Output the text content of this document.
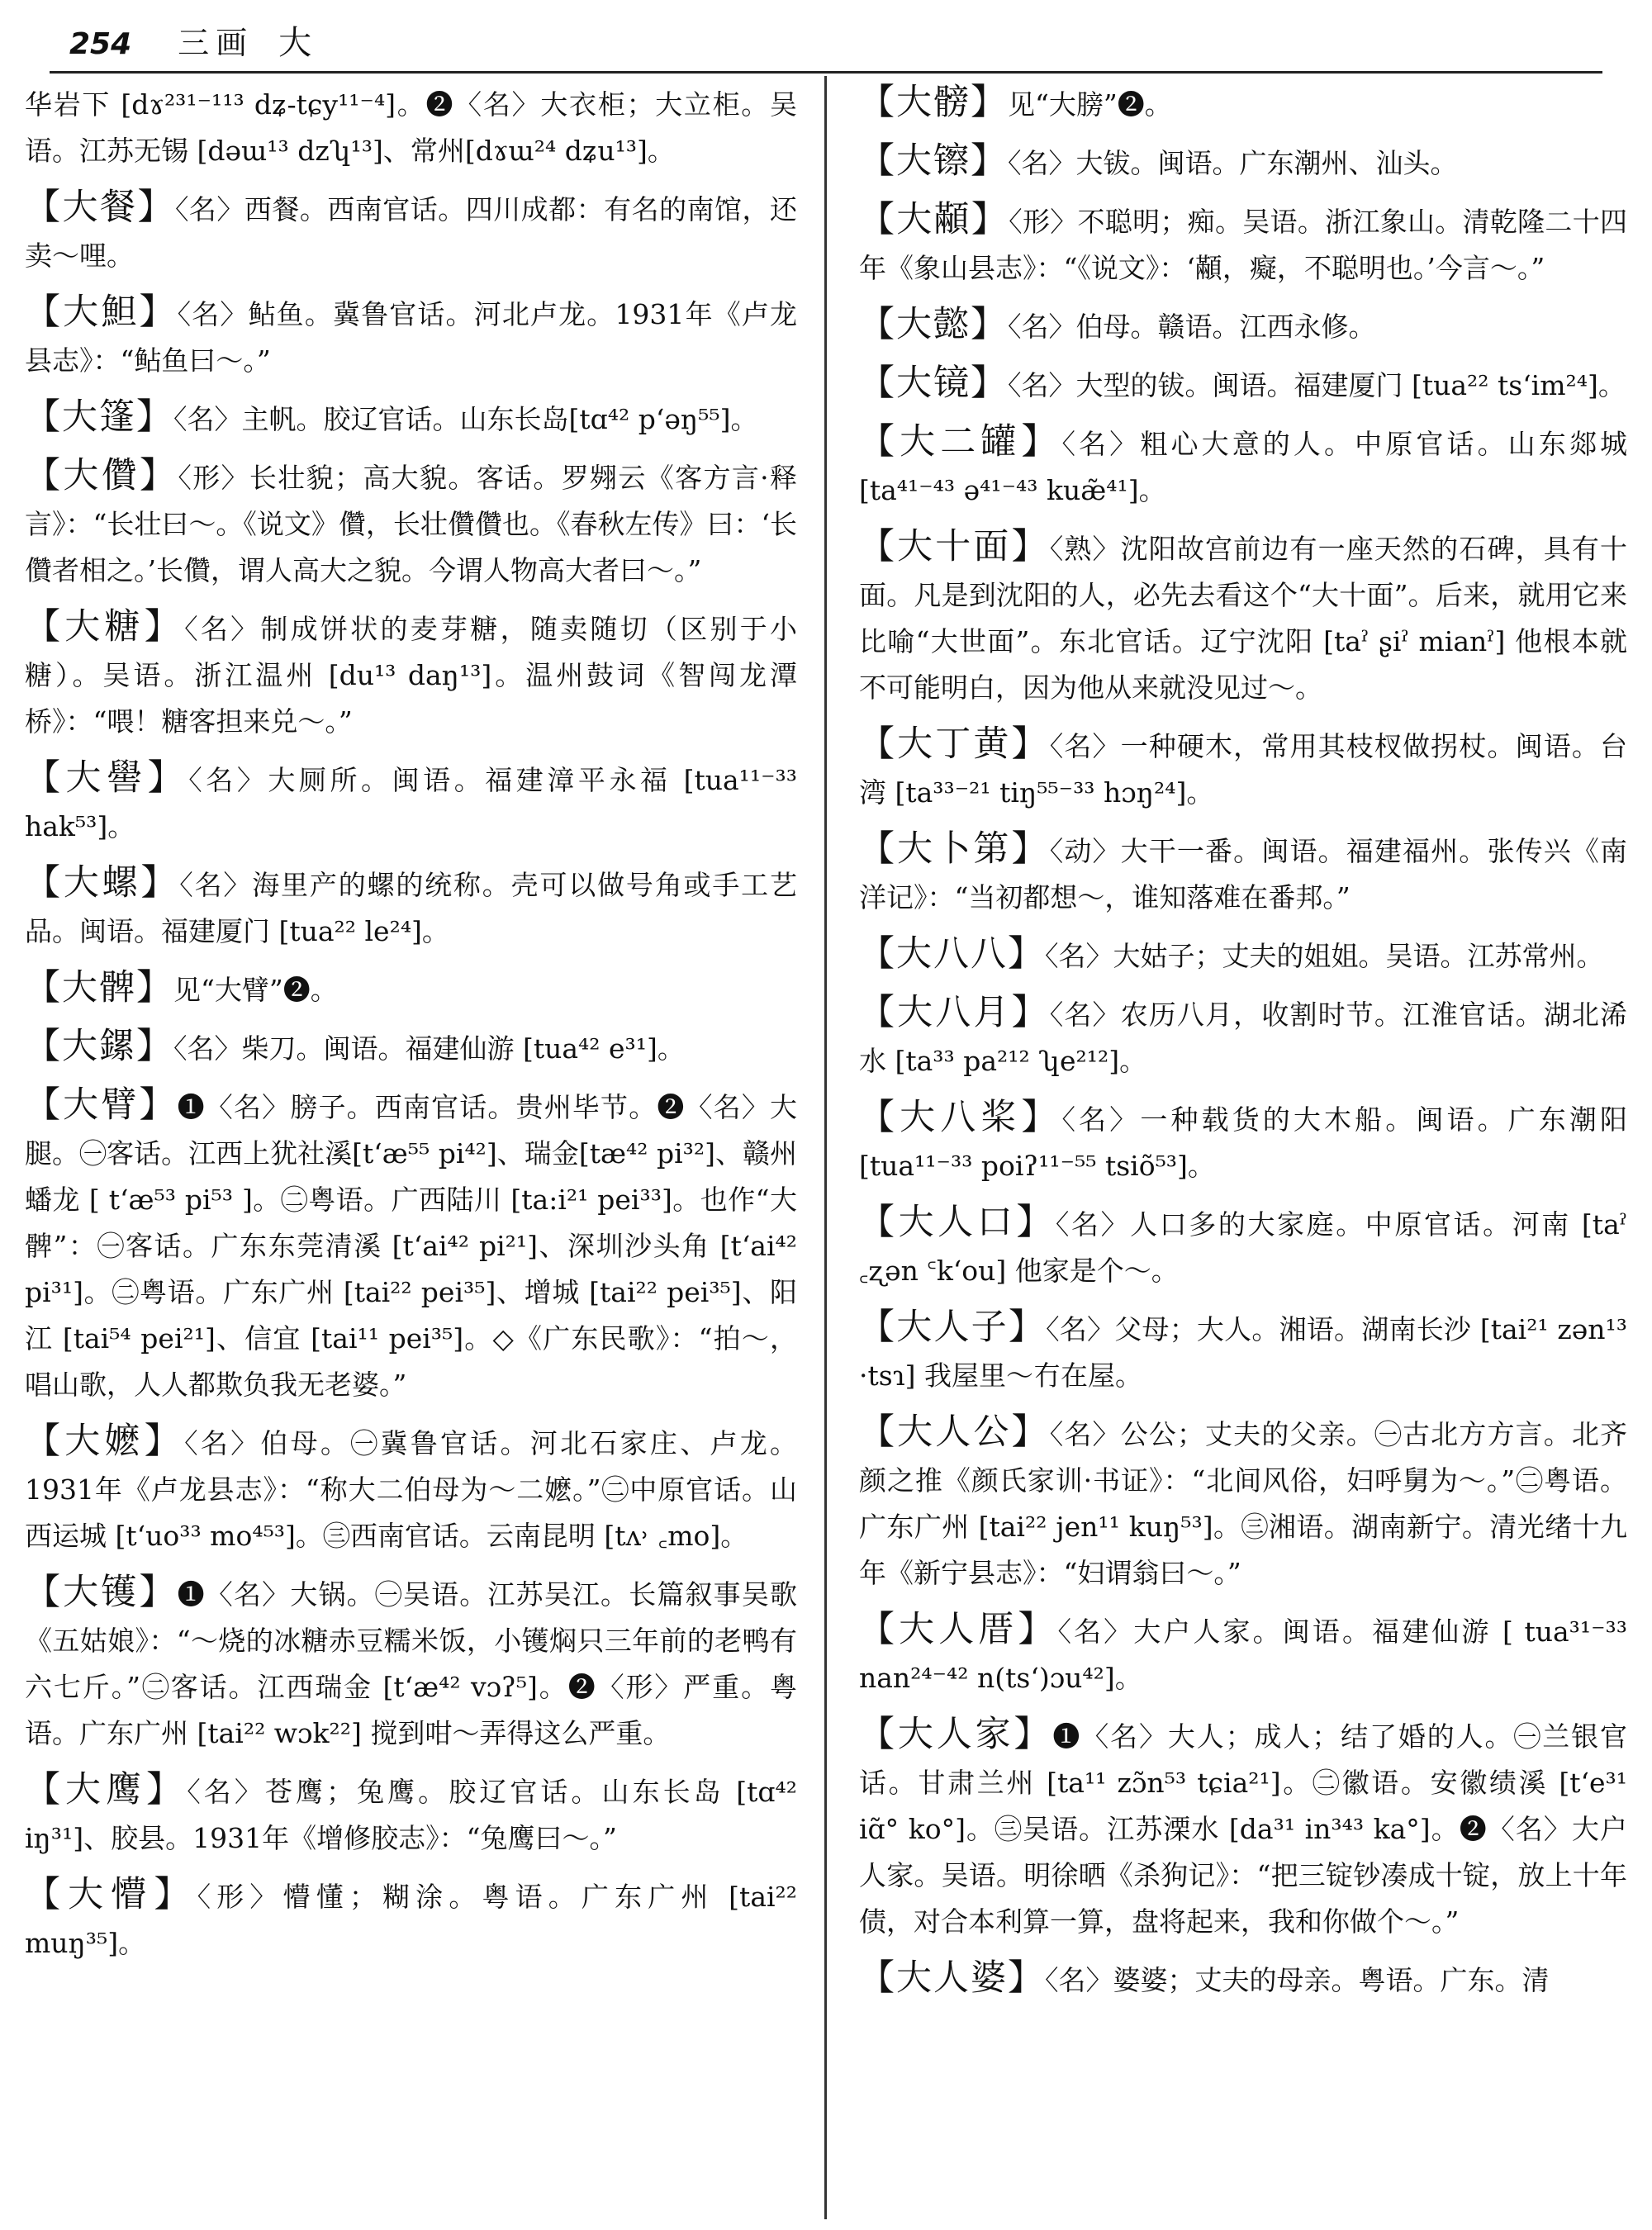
254 三画 大

华岩下 [dɤ²³¹⁻¹¹³ dʑ-tɕy¹¹⁻⁴]。❷〈名〉大衣柜；大立柜。吴语。江苏无锡 [dəɯ¹³ dzʮ¹³]、常州[dɤɯ²⁴ dʑu¹³]。

【大餐】〈名〉西餐。西南官话。四川成都：有名的南馆，还卖～哩。

【大䱇】〈名〉鲇鱼。冀鲁官话。河北卢龙。1931年《卢龙县志》：“鲇鱼曰～。”

【大篷】〈名〉主帆。胶辽官话。山东长岛[tɑ⁴² pʻəŋ⁵⁵]。

【大儹】〈形〉长壮貌；高大貌。客话。罗翙云《客方言·释言》：“长壮曰～。《说文》儹，长壮儹儹也。《春秋左传》曰：‘长儹者相之。’长儹，谓人高大之貌。今谓人物高大者曰～。”

【大糖】〈名〉制成饼状的麦芽糖，随卖随切（区别于小糖）。吴语。浙江温州 [du¹³ daŋ¹³]。温州鼓词《智闯龙潭桥》：“喂！糖客担来兑～。”

【大嚳】〈名〉大厕所。闽语。福建漳平永福 [tua¹¹⁻³³ hak⁵³]。

【大螺】〈名〉海里产的螺的统称。壳可以做号角或手工艺品。闽语。福建厦门 [tua²² le²⁴]。

【大髀】见“大臂”❷。

【大鏍】〈名〉柴刀。闽语。福建仙游 [tua⁴² e³¹]。

【大臂】❶〈名〉膀子。西南官话。贵州毕节。❷〈名〉大腿。㊀客话。江西上犹社溪[tʻæ⁵⁵ pi⁴²]、瑞金[tæ⁴² pi³²]、赣州蟠龙 [ tʻæ⁵³ pi⁵³ ]。㊁粤语。广西陆川 [ta:i²¹ pei³³]。也作“大髀”：㊀客话。广东东莞清溪 [tʻai⁴² pi²¹]、深圳沙头角 [tʻai⁴² pi³¹]。㊁粤语。广东广州 [tai²² pei³⁵]、增城 [tai²² pei³⁵]、阳江 [tai⁵⁴ pei²¹]、信宜 [tai¹¹ pei³⁵]。◇《广东民歌》：“拍～，唱山歌，人人都欺负我无老婆。”

【大嬷】〈名〉伯母。㊀冀鲁官话。河北石家庄、卢龙。1931年《卢龙县志》：“称大二伯母为～二嬷。”㊁中原官话。山西运城 [tʻuo³³ mo⁴⁵³]。㊂西南官话。云南昆明 [tʌ˒ ꜀mo]。

【大镬】❶〈名〉大锅。㊀吴语。江苏吴江。长篇叙事吴歌《五姑娘》：“～烧的冰糖赤豆糯米饭，小镬焖只三年前的老鸭有六七斤。”㊁客话。江西瑞金 [tʻæ⁴² vɔʔ⁵]。❷〈形〉严重。粤语。广东广州 [tai²² wɔk²²] 搅到咁～弄得这么严重。

【大鹰】〈名〉苍鹰；兔鹰。胶辽官话。山东长岛 [tɑ⁴² iŋ³¹]、胶县。1931年《增修胶志》：“兔鹰曰～。”

【大懵】〈形〉懵懂；糊涂。粤语。广东广州 [tai²² muŋ³⁵]。

【大髈】见“大膀”❷。

【大镲】〈名〉大钹。闽语。广东潮州、汕头。

【大顢】〈形〉不聪明；痴。吴语。浙江象山。清乾隆二十四年《象山县志》：“《说文》：‘顢，癡，不聪明也。’今言～。”

【大懿】〈名〉伯母。赣语。江西永修。

【大镜】〈名〉大型的钹。闽语。福建厦门 [tua²² tsʻim²⁴]。

【大二罐】〈名〉粗心大意的人。中原官话。山东郯城 [ta⁴¹⁻⁴³ ə⁴¹⁻⁴³ kuæ̃⁴¹]。

【大十面】〈熟〉沈阳故宫前边有一座天然的石碑，具有十面。凡是到沈阳的人，必先去看这个“大十面”。后来，就用它来比喻“大世面”。东北官话。辽宁沈阳 [taˀ ʂiˀ mianˀ] 他根本就不可能明白，因为他从来就没见过～。

【大丁黄】〈名〉一种硬木，常用其枝杈做拐杖。闽语。台湾 [ta³³⁻²¹ tiŋ⁵⁵⁻³³ hɔŋ²⁴]。

【大卜第】〈动〉大干一番。闽语。福建福州。张传兴《南洋记》：“当初都想～，谁知落难在番邦。”

【大八八】〈名〉大姑子；丈夫的姐姐。吴语。江苏常州。

【大八月】〈名〉农历八月，收割时节。江淮官话。湖北浠水 [ta³³ pa²¹² ʮe²¹²]。

【大八桨】〈名〉一种载货的大木船。闽语。广东潮阳 [tua¹¹⁻³³ poiʔ¹¹⁻⁵⁵ tsiõ⁵³]。

【大人口】〈名〉人口多的大家庭。中原官话。河南 [taˀ ꜀ʐən ꜂kʻou] 他家是个～。

【大人子】〈名〉父母；大人。湘语。湖南长沙 [tai²¹ zən¹³ ·tsɿ] 我屋里～冇在屋。

【大人公】〈名〉公公；丈夫的父亲。㊀古北方方言。北齐颜之推《颜氏家训·书证》：“北间风俗，妇呼舅为～。”㊁粤语。广东广州 [tai²² jen¹¹ kuŋ⁵³]。㊂湘语。湖南新宁。清光绪十九年《新宁县志》：“妇谓翁曰～。”

【大人厝】〈名〉大户人家。闽语。福建仙游 [ tua³¹⁻³³ nan²⁴⁻⁴² n(tsʻ)ɔu⁴²]。

【大人家】❶〈名〉大人；成人；结了婚的人。㊀兰银官话。甘肃兰州 [ta¹¹ zɔ̃n⁵³ tɕia²¹]。㊁徽语。安徽绩溪 [tʻe³¹ iɑ̃° ko°]。㊂吴语。江苏溧水 [da³¹ in³⁴³ ka°]。❷〈名〉大户人家。吴语。明徐晒《杀狗记》：“把三锭钞凑成十锭，放上十年债，对合本利算一算，盘将起来，我和你做个～。”

【大人婆】〈名〉婆婆；丈夫的母亲。粤语。广东。清
